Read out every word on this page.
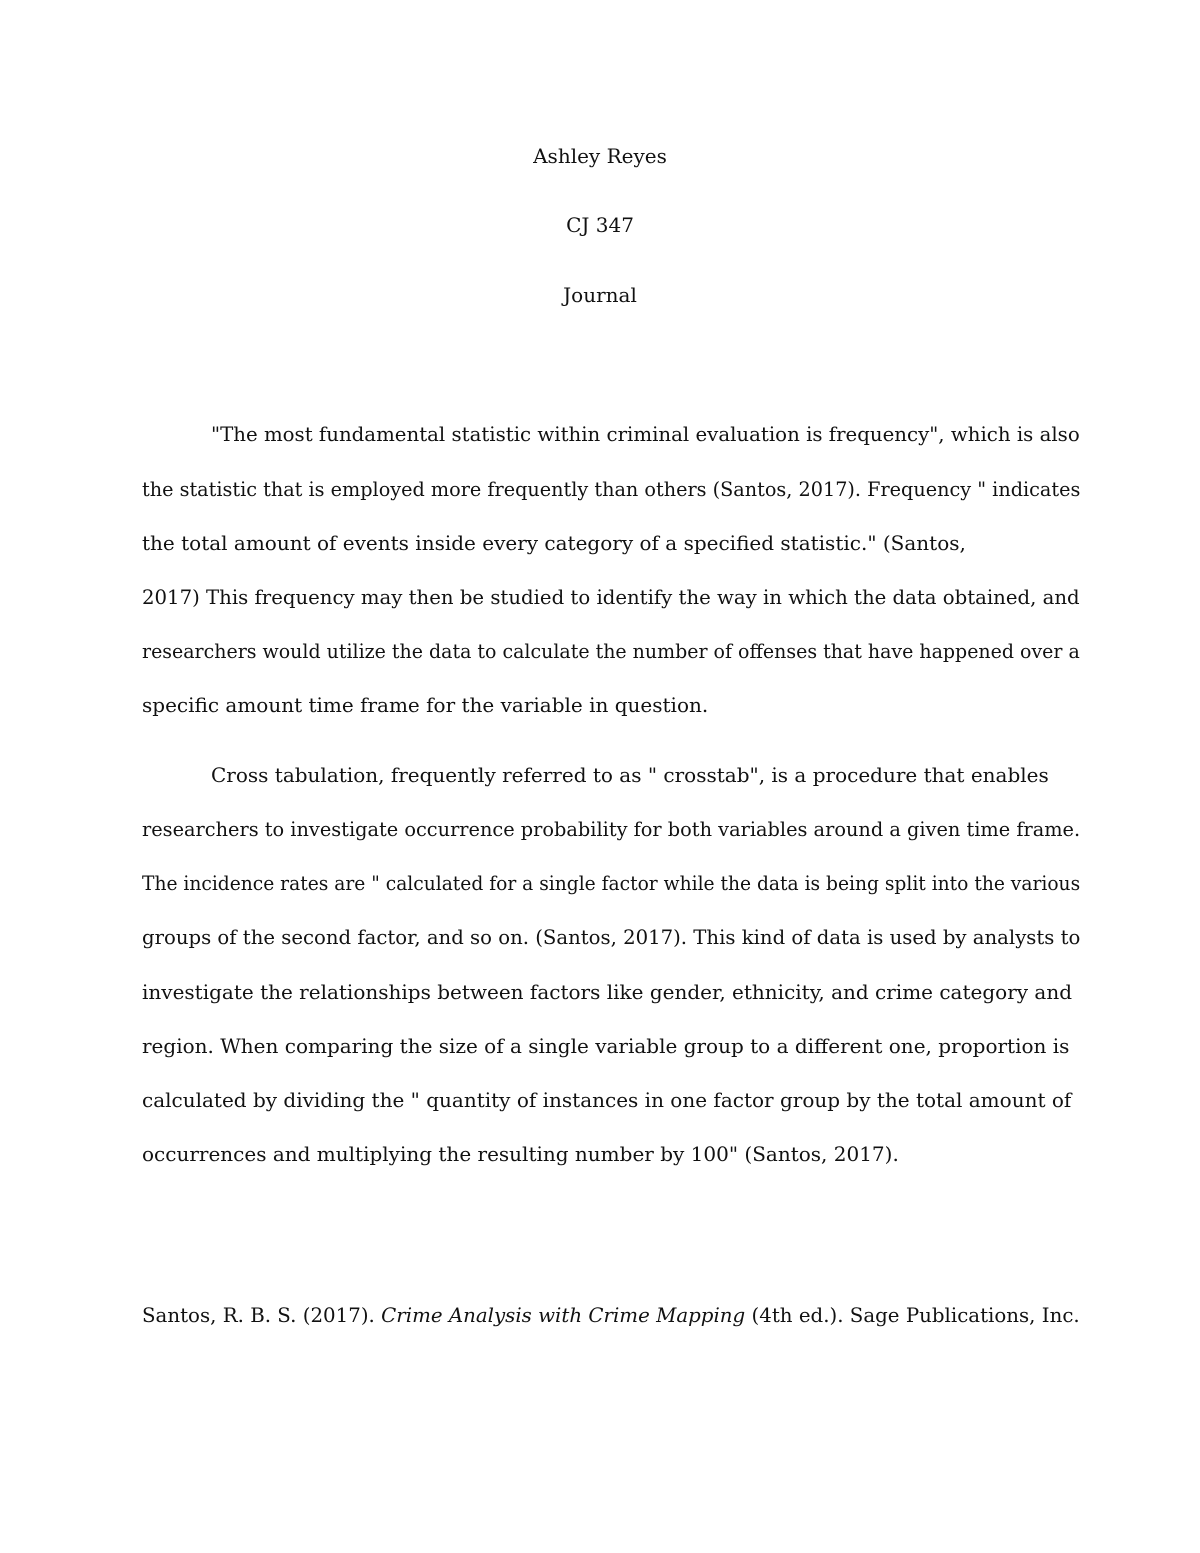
Ashley Reyes

CJ 347

Journal

"The most fundamental statistic within criminal evaluation is frequency", which is also

the statistic that is employed more frequently than others (Santos, 2017). Frequency " indicates

the total amount of events inside every category of a specified statistic." (Santos,

2017) This frequency may then be studied to identify the way in which the data obtained, and

researchers would utilize the data to calculate the number of offenses that have happened over a

specific amount time frame for the variable in question.

Cross tabulation, frequently referred to as " crosstab", is a procedure that enables

researchers to investigate occurrence probability for both variables around a given time frame.

The incidence rates are " calculated for a single factor while the data is being split into the various

groups of the second factor, and so on. (Santos, 2017). This kind of data is used by analysts to

investigate the relationships between factors like gender, ethnicity, and crime category and

region. When comparing the size of a single variable group to a different one, proportion is

calculated by dividing the " quantity of instances in one factor group by the total amount of

occurrences and multiplying the resulting number by 100" (Santos, 2017).

Santos, R. B. S. (2017). Crime Analysis with Crime Mapping (4th ed.). Sage Publications, Inc.
